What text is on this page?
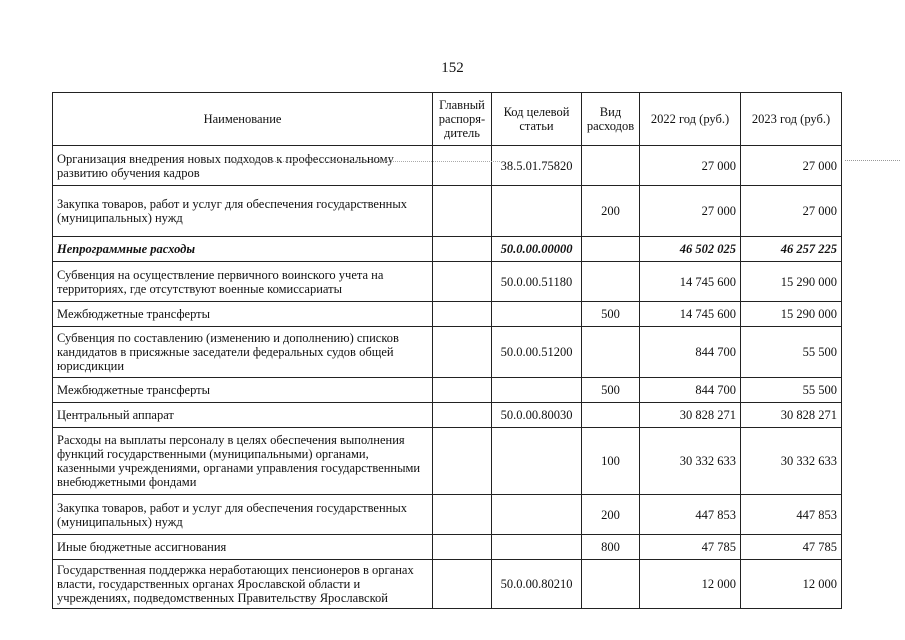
152
Наименование	Главный распоря-дитель	Код целевой статьи	Вид расходов	2022 год (руб.)	2023 год (руб.)
Организация внедрения новых подходов к профессиональному развитию обучения кадров		38.5.01.75820		27 000	27 000
Закупка товаров, работ и услуг для обеспечения государственных (муниципальных) нужд			200	27 000	27 000
Непрограммные расходы		50.0.00.00000		46 502 025	46 257 225
Субвенция на осуществление первичного воинского учета на территориях, где отсутствуют военные комиссариаты		50.0.00.51180		14 745 600	15 290 000
Межбюджетные трансферты			500	14 745 600	15 290 000
Субвенция по составлению (изменению и дополнению) списков кандидатов в присяжные заседатели федеральных судов общей юрисдикции		50.0.00.51200		844 700	55 500
Межбюджетные трансферты			500	844 700	55 500
Центральный аппарат		50.0.00.80030		30 828 271	30 828 271
Расходы на выплаты персоналу в целях обеспечения выполнения функций государственными (муниципальными) органами, казенными учреждениями, органами управления государственными внебюджетными фондами			100	30 332 633	30 332 633
Закупка товаров, работ и услуг для обеспечения государственных (муниципальных) нужд			200	447 853	447 853
Иные бюджетные ассигнования			800	47 785	47 785
Государственная поддержка неработающих пенсионеров в органах власти, государственных органах Ярославской области и учреждениях, подведомственных Правительству Ярославской		50.0.00.80210		12 000	12 000
